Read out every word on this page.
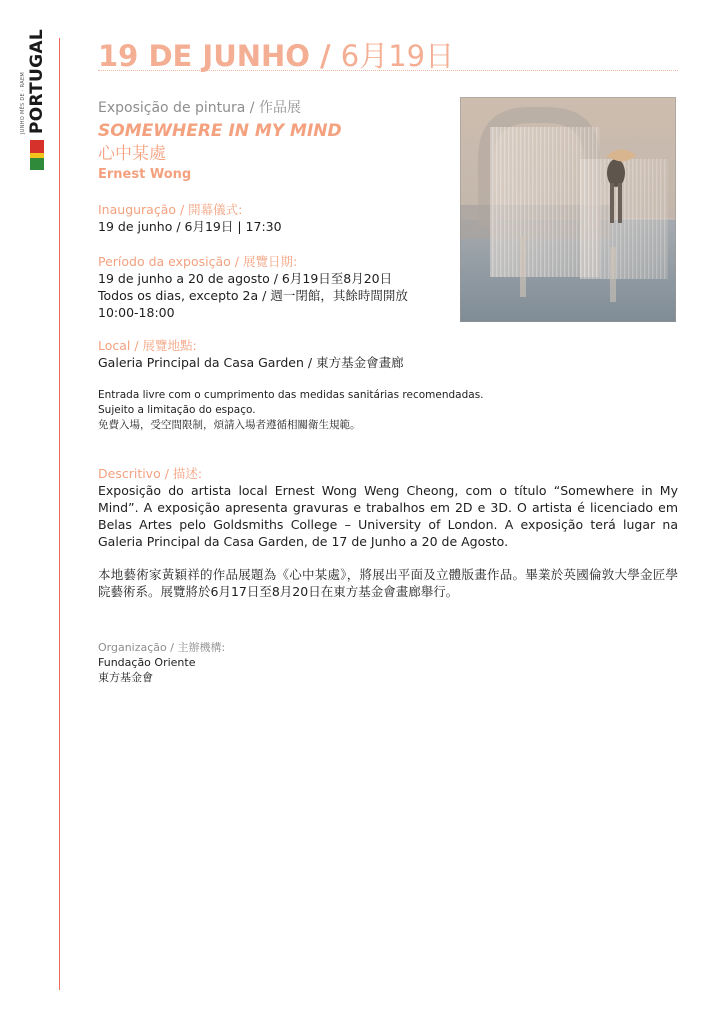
JUNHO MÊS DE · RAEM PORTUGAL 19 DE JUNHO / 6月19日
Exposição de pintura / 作品展
SOMEWHERE IN MY MIND
心中某處
Ernest Wong
Inauguração / 開幕儀式:
19 de junho / 6月19日 | 17:30
Período da exposição / 展覽日期:
19 de junho a 20 de agosto / 6月19日至8月20日
Todos os dias, excepto 2a / 週一閉館，其餘時間開放
10:00-18:00
Local / 展覽地點:
Galeria Principal da Casa Garden / 東方基金會畫廊
Entrada livre com o cumprimento das medidas sanitárias recomendadas.
Sujeito a limitação do espaço.
免費入場，受空間限制，煩請入場者遵循相關衛生規範。
Descritivo / 描述:
Exposição do artista local Ernest Wong Weng Cheong, com o título “Somewhere in My Mind”. A exposição apresenta gravuras e trabalhos em 2D e 3D. O artista é licenciado em Belas Artes pelo Goldsmiths College – University of London. A exposição terá lugar na Galeria Principal da Casa Garden, de 17 de Junho a 20 de Agosto.
本地藝術家黃穎祥的作品展題為《心中某處》，將展出平面及立體版畫作品。畢業於英國倫敦大學金匠學院藝術系。展覽將於6月17日至8月20日在東方基金會畫廊舉行。
Organização / 主辦機構:
Fundação Oriente
東方基金會
